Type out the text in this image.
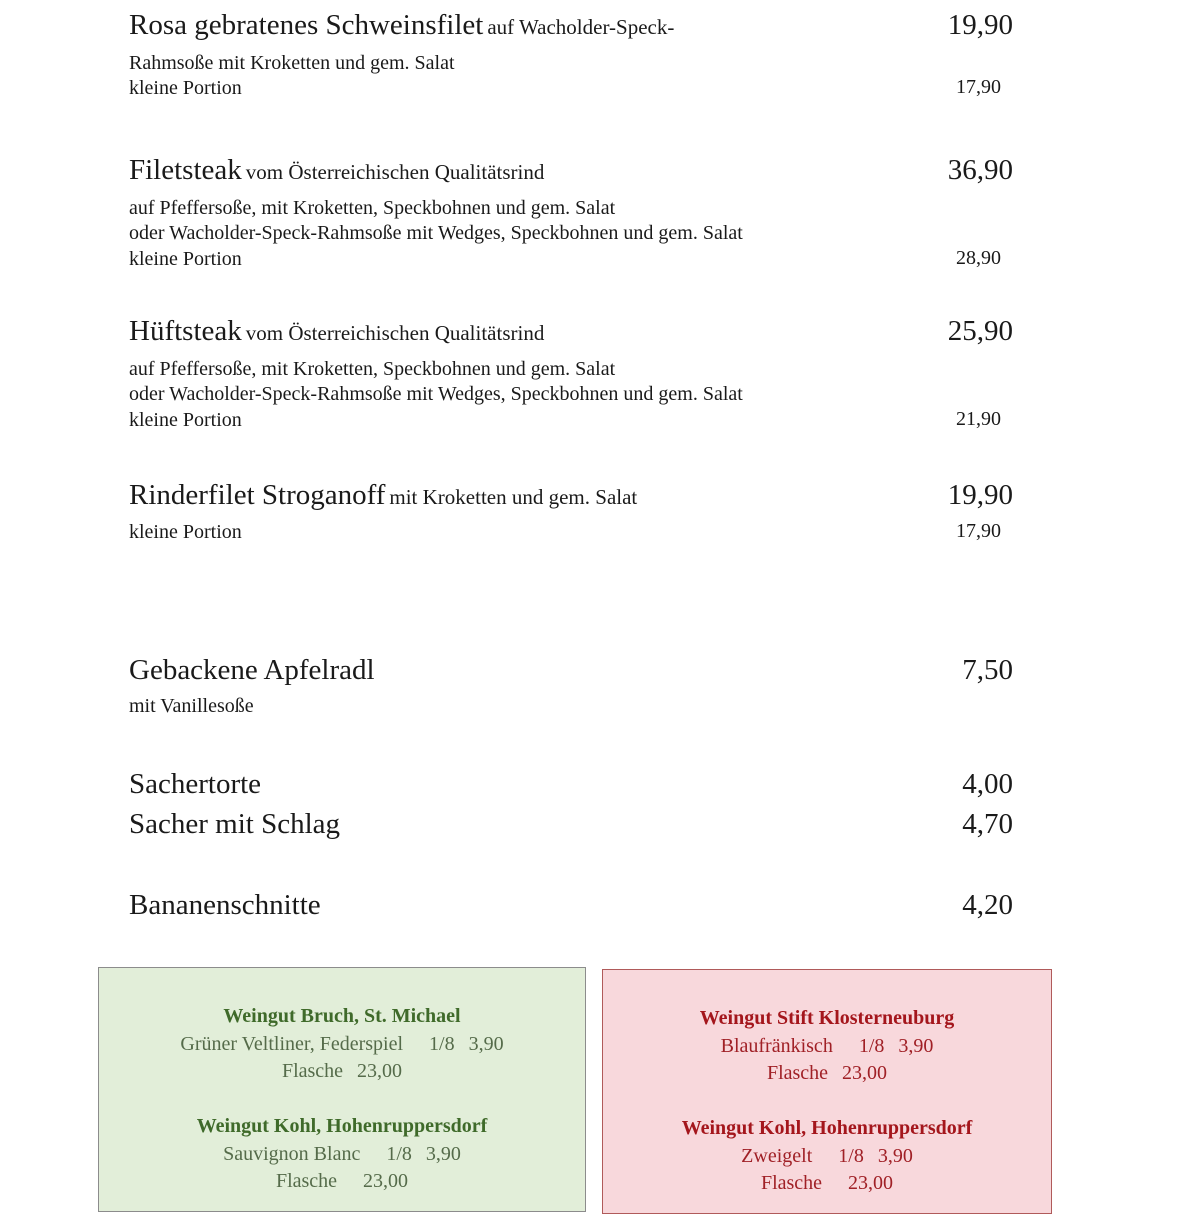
Rosa gebratenes Schweinsfilet auf Wacholder-Speck-	19,90
Rahmsoße mit Kroketten und gem. Salat
kleine Portion	17,90
Filetsteak vom Österreichischen Qualitätsrind	36,90
auf Pfeffersoße, mit Kroketten, Speckbohnen und gem. Salat
oder Wacholder-Speck-Rahmsoße mit Wedges, Speckbohnen und gem. Salat
kleine Portion	28,90
Hüftsteak vom Österreichischen Qualitätsrind	25,90
auf Pfeffersoße, mit Kroketten, Speckbohnen und gem. Salat
oder Wacholder-Speck-Rahmsoße mit Wedges, Speckbohnen und gem. Salat
kleine Portion	21,90
Rinderfilet Stroganoff mit Kroketten und gem. Salat	19,90
kleine Portion	17,90
Gebackene Apfelradl	7,50
mit Vanillesoße
Sachertorte	4,00
Sacher mit Schlag	4,70
Bananenschnitte	4,20
Weingut Bruch, St. Michael
Grüner Veltliner, Federspiel 1/8 3,90
Flasche 23,00
Weingut Kohl, Hohenruppersdorf
Sauvignon Blanc 1/8 3,90
Flasche 23,00
Weingut Stift Klosterneuburg
Blaufränkisch 1/8 3,90
Flasche 23,00
Weingut Kohl, Hohenruppersdorf
Zweigelt 1/8 3,90
Flasche 23,00
